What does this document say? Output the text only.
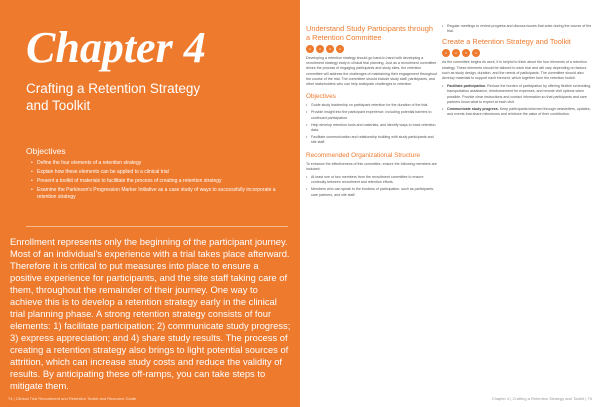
Chapter 4
Crafting a Retention Strategy and Toolkit
Objectives
• Define the four elements of a retention strategy
• Explain how these elements can be applied to a clinical trial
• Present a toolkit of materials to facilitate the process of creating a retention strategy
• Examine the Parkinson's Progression Marker Initiative as a case study of ways to successfully incorporate a retention strategy

Enrollment represents only the beginning of the participant journey. Most of an individual's experience with a trial takes place afterward. Therefore it is critical to put measures into place to ensure a positive experience for participants, and the site staff taking care of them, throughout the remainder of their journey. One way to achieve this is to develop a retention strategy early in the clinical trial planning phase. A strong retention strategy consists of four elements: 1) facilitate participation; 2) communicate study progress; 3) express appreciation; and 4) share study results. The process of creating a retention strategy also brings to light potential sources of attrition, which can increase study costs and reduce the validity of results. By anticipating these off-ramps, you can take steps to mitigate them.

74 | Clinical Trial Recruitment and Retention Toolkit and Resource Guide
Understand Study Participants through a Retention Committee
1	2	3	4

Developing a retention strategy should go hand-in-hand with developing a recruitment strategy early in clinical trial planning. Just as a recruitment committee drives the process of engaging participants and study sites, the retention committee will address the challenges of maintaining their engagement throughout the course of the trial. The committee should include study staff, participants, and other stakeholders who can help anticipate challenges to retention.

Objectives
• Guide study leadership on participant retention for the duration of the trial.
• Provide insight into the participant experience, including potential barriers to continued participation.
• Help develop retention tools and materials, and identify ways to track retention data.
• Facilitate communication and relationship building with study participants and site staff.
Recommended Organizational Structure

To enhance the effectiveness of this committee, ensure the following members are included:

• At least one or two members from the recruitment committee to ensure continuity between recruitment and retention efforts.
• Members who can speak to the burdens of participation, such as participants, care partners, and site staff.
• Regular meetings to review progress and discuss issues that arise during the course of the trial.
Create a Retention Strategy and Toolkit
1	2	3	4

As the committee begins its work, it is helpful to think about the four elements of a retention strategy. These elements should be tailored to each trial and will vary depending on factors such as study design, duration, and the needs of participants. The committee should also develop materials to support each element, which together form the retention toolkit.

• Facilitate participation. Reduce the burden of participation by offering flexible scheduling, transportation assistance, reimbursement for expenses, and remote visit options when possible. Provide clear instructions and contact information so that participants and care partners know what to expect at each visit.
• Communicate study progress. Keep participants informed through newsletters, updates, and events that share milestones and reinforce the value of their contribution.
Chapter 4 | Crafting a Retention Strategy and Toolkit | 75
